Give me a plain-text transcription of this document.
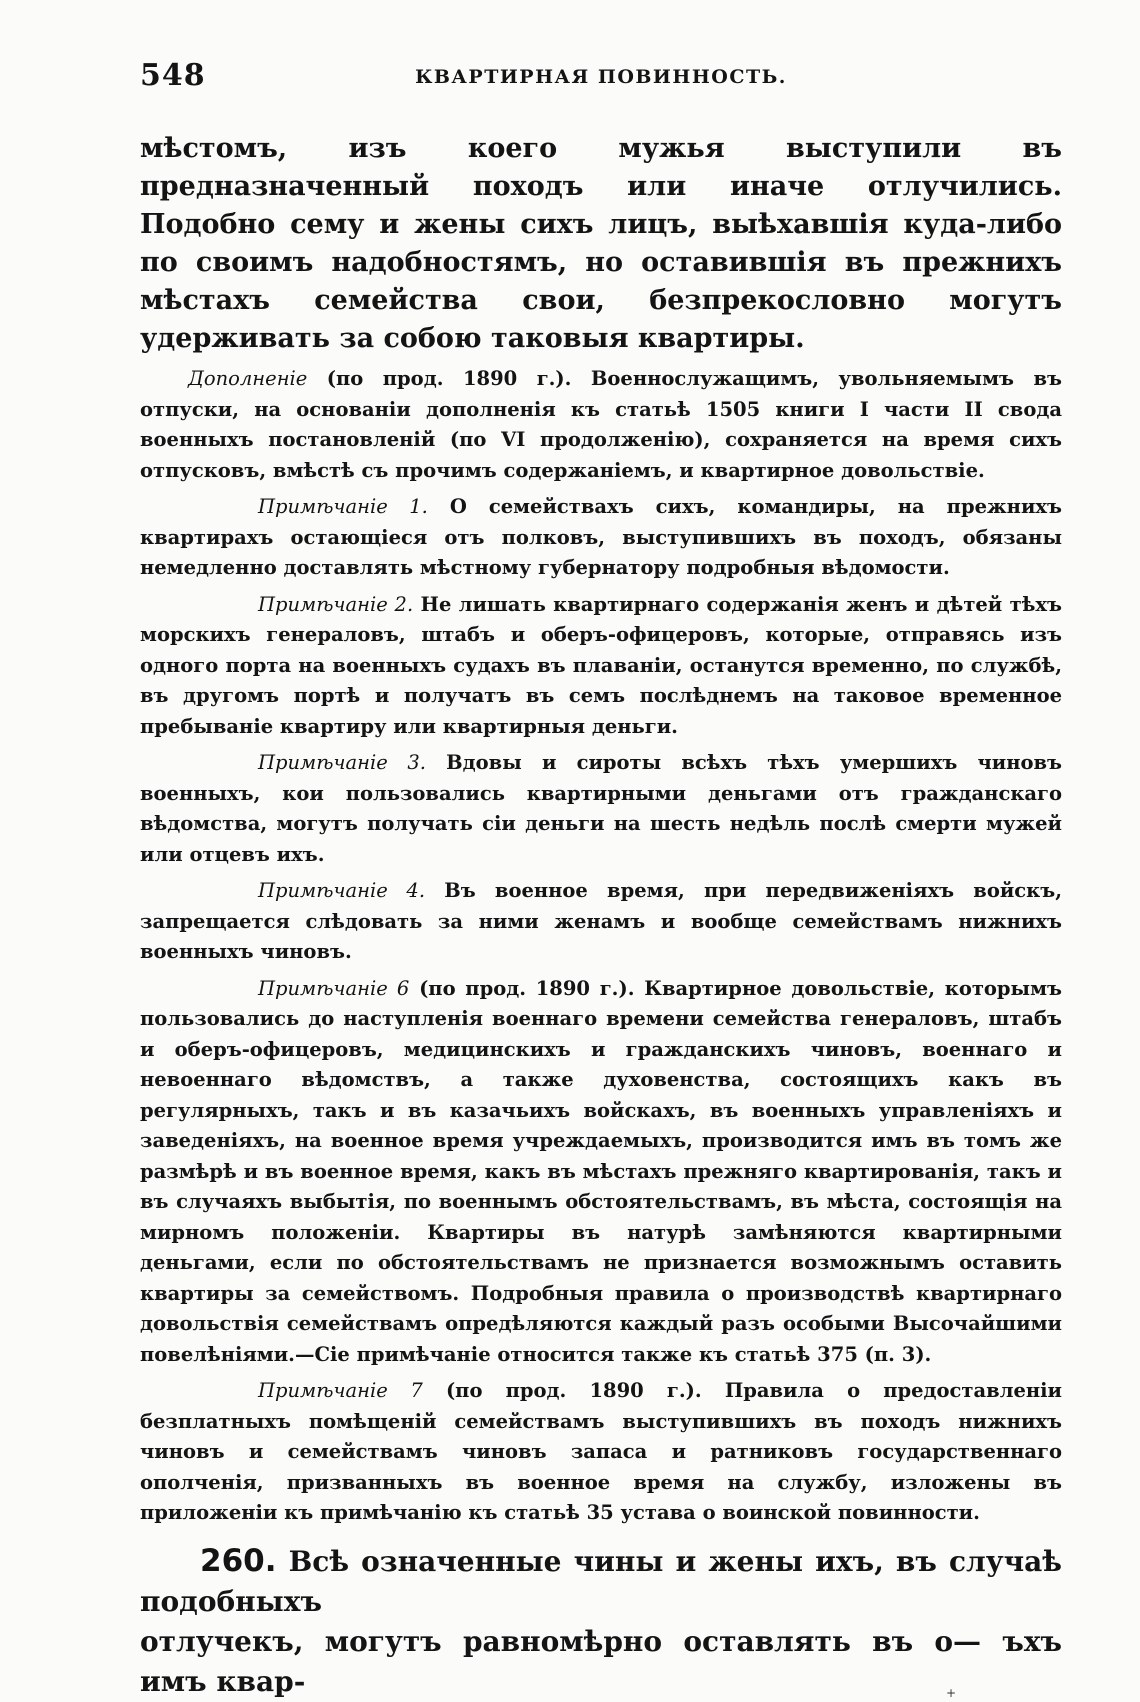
548	КВАРТИРНАЯ ПОВИННОСТЬ.
мѣстомъ, изъ коего мужья выступили въ предназначенный походъ или иначе отлучились. Подобно сему и жены сихъ лицъ, выѣхавшія куда-либо по своимъ надобностямъ, но оставившія въ прежнихъ мѣстахъ семейства свои, безпрекословно могутъ удерживать за собою таковыя квартиры.
Дополненіе (по прод. 1890 г.). Военнослужащимъ, увольняемымъ въ отпуски, на основаніи дополненія къ статьѣ 1505 книги I части II свода военныхъ постановленій (по VI продолженію), сохраняется на время сихъ отпусковъ, вмѣстѣ съ прочимъ содержаніемъ, и квартирное довольствіе.
Примѣчаніе 1. О семействахъ сихъ, командиры, на прежнихъ квартирахъ остающіеся отъ полковъ, выступившихъ въ походъ, обязаны немедленно доставлять мѣстному губернатору подробныя вѣдомости.
Примѣчаніе 2. Не лишать квартирнаго содержанія женъ и дѣтей тѣхъ морскихъ генераловъ, штабъ и оберъ-офицеровъ, которые, отправясь изъ одного порта на военныхъ судахъ въ плаваніи, останутся временно, по службѣ, въ другомъ портѣ и получатъ въ семъ послѣднемъ на таковое временное пребываніе квартиру или квартирныя деньги.
Примѣчаніе 3. Вдовы и сироты всѣхъ тѣхъ умершихъ чиновъ военныхъ, кои пользовались квартирными деньгами отъ гражданскаго вѣдомства, могутъ получать сіи деньги на шесть недѣль послѣ смерти мужей или отцевъ ихъ.
Примѣчаніе 4. Въ военное время, при передвиженіяхъ войскъ, запрещается слѣдовать за ними женамъ и вообще семействамъ нижнихъ военныхъ чиновъ.
Примѣчаніе 6 (по прод. 1890 г.). Квартирное довольствіе, которымъ пользовались до наступленія военнаго времени семейства генераловъ, штабъ и оберъ-офицеровъ, медицинскихъ и гражданскихъ чиновъ, военнаго и невоеннаго вѣдомствъ, а также духовенства, состоящихъ какъ въ регулярныхъ, такъ и въ казачьихъ войскахъ, въ военныхъ управленіяхъ и заведеніяхъ, на военное время учреждаемыхъ, производится имъ въ томъ же размѣрѣ и въ военное время, какъ въ мѣстахъ прежняго квартированія, такъ и въ случаяхъ выбытія, по военнымъ обстоятельствамъ, въ мѣста, состоящія на мирномъ положеніи. Квартиры въ натурѣ замѣняются квартирными деньгами, если по обстоятельствамъ не признается возможнымъ оставить квартиры за семействомъ. Подробныя правила о производствѣ квартирнаго довольствія семействамъ опредѣляются каждый разъ особыми Высочайшими повелѣніями.—Сіе примѣчаніе относится также къ статьѣ 375 (п. 3).
Примѣчаніе 7 (по прод. 1890 г.). Правила о предоставленіи безплатныхъ помѣщеній семействамъ выступившихъ въ походъ нижнихъ чиновъ и семействамъ чиновъ запаса и ратниковъ государственнаго ополченія, призванныхъ въ военное время на службу, изложены въ приложеніи къ примѣчанію къ статьѣ 35 устава о воинской повинности.
260. Всѣ означенные чины и жены ихъ, въ случаѣ подобныхъ
отлучекъ, могутъ равномѣрно оставлять въ о— ъхъ имъ квар-	+
